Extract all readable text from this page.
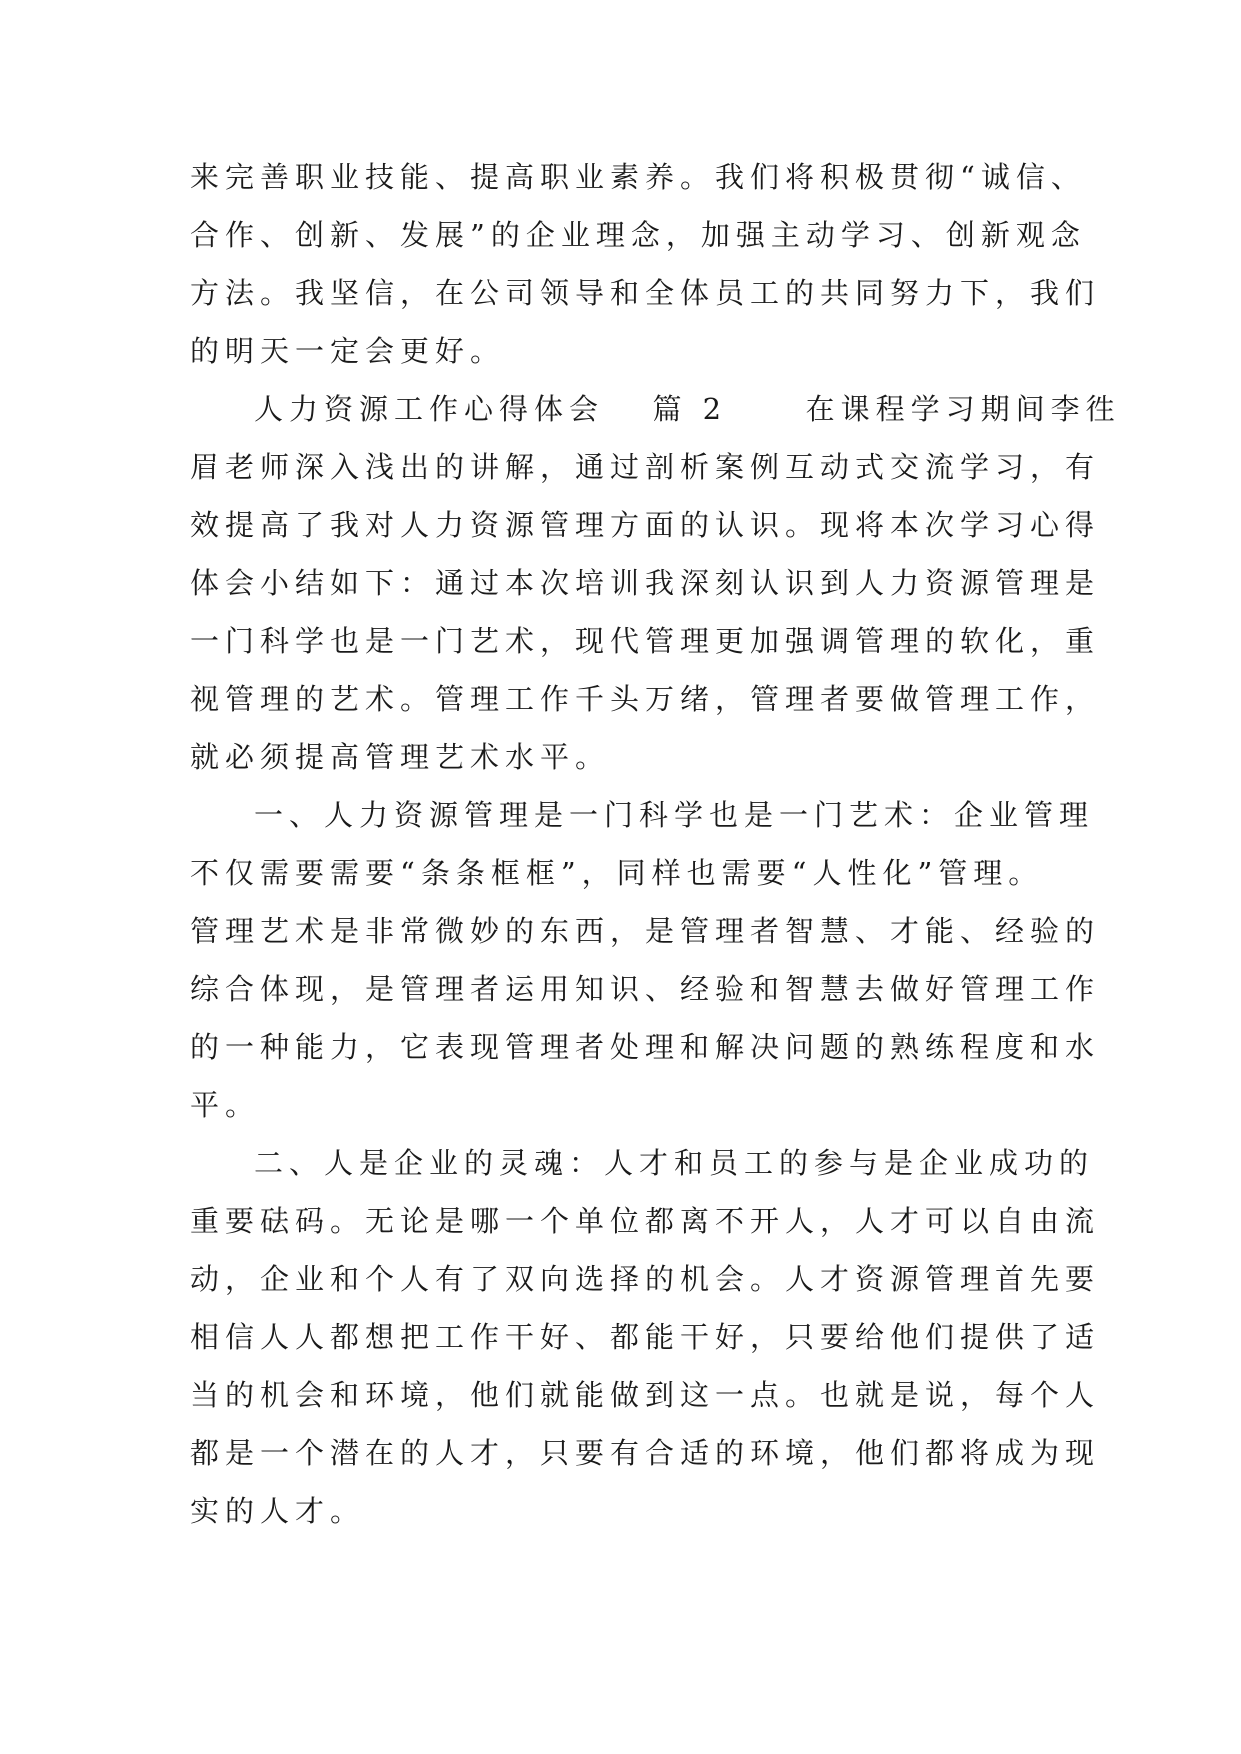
来完善职业技能、提高职业素养。我们将积极贯彻“诚信、
合作、创新、发展”的企业理念，加强主动学习、创新观念
方法。我坚信，在公司领导和全体员工的共同努力下，我们
的明天一定会更好。
人力资源工作心得体会 篇 2	在课程学习期间李徃
眉老师深入浅出的讲解，通过剖析案例互动式交流学习，有
效提高了我对人力资源管理方面的认识。现将本次学习心得
体会小结如下：通过本次培训我深刻认识到人力资源管理是
一门科学也是一门艺术，现代管理更加强调管理的软化，重
视管理的艺术。管理工作千头万绪，管理者要做管理工作，
就必须提高管理艺术水平。
一、人力资源管理是一门科学也是一门艺术：企业管理
不仅需要需要“条条框框”，同样也需要“人性化”管理。
管理艺术是非常微妙的东西，是管理者智慧、才能、经验的
综合体现，是管理者运用知识、经验和智慧去做好管理工作
的一种能力，它表现管理者处理和解决问题的熟练程度和水
平。
二、人是企业的灵魂：人才和员工的参与是企业成功的
重要砝码。无论是哪一个单位都离不开人，人才可以自由流
动，企业和个人有了双向选择的机会。人才资源管理首先要
相信人人都想把工作干好、都能干好，只要给他们提供了适
当的机会和环境，他们就能做到这一点。也就是说，每个人
都是一个潜在的人才，只要有合适的环境，他们都将成为现
实的人才。
